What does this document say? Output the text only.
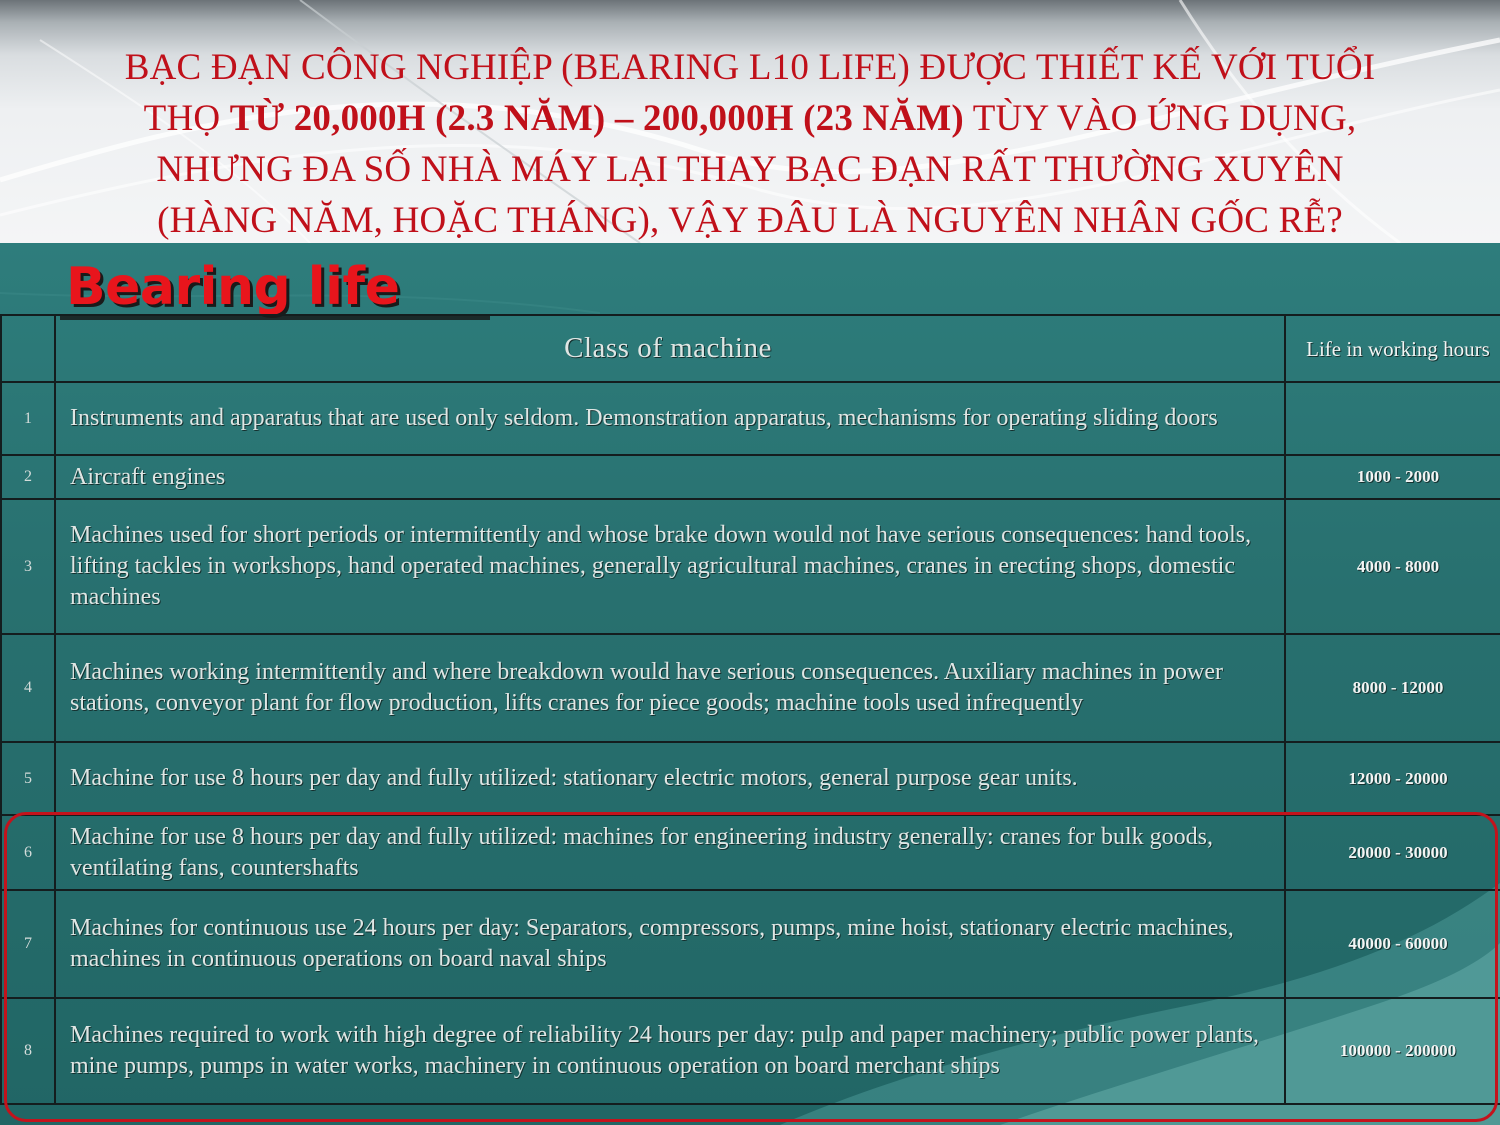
BẠC ĐẠN CÔNG NGHIỆP (BEARING L10 LIFE) ĐƯỢC THIẾT KẾ VỚI TUỔI
THỌ TỪ 20,000H (2.3 NĂM) – 200,000H (23 NĂM) TÙY VÀO ỨNG DỤNG,
NHƯNG ĐA SỐ NHÀ MÁY LẠI THAY BẠC ĐẠN RẤT THƯỜNG XUYÊN
(HÀNG NĂM, HOẶC THÁNG), VẬY ĐÂU LÀ NGUYÊN NHÂN GỐC RỄ?
Bearing life
	Class of machine	Life in working hours
1	Instruments and apparatus that are used only seldom. Demonstration apparatus, mechanisms for operating sliding doors	
2	Aircraft engines	1000 - 2000
3	Machines used for short periods or intermittently and whose brake down would not have serious consequences: hand tools, lifting tackles in workshops, hand operated machines, generally agricultural machines, cranes in erecting shops, domestic machines	4000 - 8000
4	Machines working intermittently and where breakdown would have serious consequences. Auxiliary machines in power stations, conveyor plant for flow production, lifts cranes for piece goods; machine tools used infrequently	8000 - 12000
5	Machine for use 8 hours per day and fully utilized: stationary electric motors, general purpose gear units.	12000 - 20000
6	Machine for use 8 hours per day and fully utilized: machines for engineering industry generally: cranes for bulk goods, ventilating fans, countershafts	20000 - 30000
7	Machines for continuous use 24 hours per day: Separators, compressors, pumps, mine hoist, stationary electric machines, machines in continuous operations on board naval ships	40000 - 60000
8	Machines required to work with high degree of reliability 24 hours per day: pulp and paper machinery; public power plants, mine pumps, pumps in water works, machinery in continuous operation on board merchant ships	100000 - 200000
